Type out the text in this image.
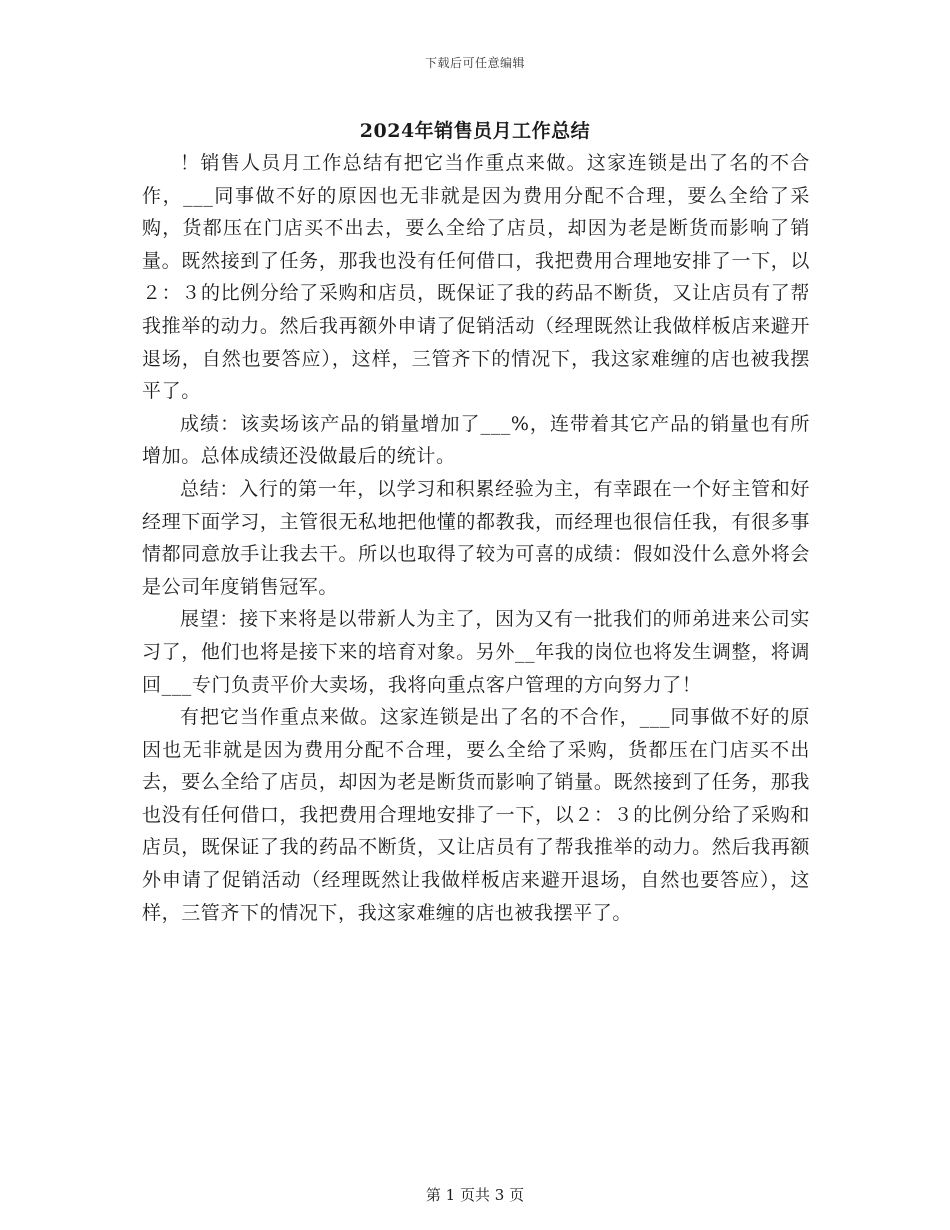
下载后可任意编辑
2024年销售员月工作总结

！销售人员月工作总结有把它当作重点来做。这家连锁是出了名的不合作，___同事做不好的原因也无非就是因为费用分配不合理，要么全给了采购，货都压在门店买不出去，要么全给了店员，却因为老是断货而影响了销量。既然接到了任务，那我也没有任何借口，我把费用合理地安排了一下，以２：３的比例分给了采购和店员，既保证了我的药品不断货，又让店员有了帮我推举的动力。然后我再额外申请了促销活动（经理既然让我做样板店来避开退场，自然也要答应），这样，三管齐下的情况下，我这家难缠的店也被我摆平了。

成绩：该卖场该产品的销量增加了___%，连带着其它产品的销量也有所增加。总体成绩还没做最后的统计。

总结：入行的第一年，以学习和积累经验为主，有幸跟在一个好主管和好经理下面学习，主管很无私地把他懂的都教我，而经理也很信任我，有很多事情都同意放手让我去干。所以也取得了较为可喜的成绩：假如没什么意外将会是公司年度销售冠军。

展望：接下来将是以带新人为主了，因为又有一批我们的师弟进来公司实习了，他们也将是接下来的培育对象。另外__年我的岗位也将发生调整，将调回___专门负责平价大卖场，我将向重点客户管理的方向努力了！

有把它当作重点来做。这家连锁是出了名的不合作，___同事做不好的原因也无非就是因为费用分配不合理，要么全给了采购，货都压在门店买不出去，要么全给了店员，却因为老是断货而影响了销量。既然接到了任务，那我也没有任何借口，我把费用合理地安排了一下，以２：３的比例分给了采购和店员，既保证了我的药品不断货，又让店员有了帮我推举的动力。然后我再额外申请了促销活动（经理既然让我做样板店来避开退场，自然也要答应），这样，三管齐下的情况下，我这家难缠的店也被我摆平了。

第 1 页共 3 页
